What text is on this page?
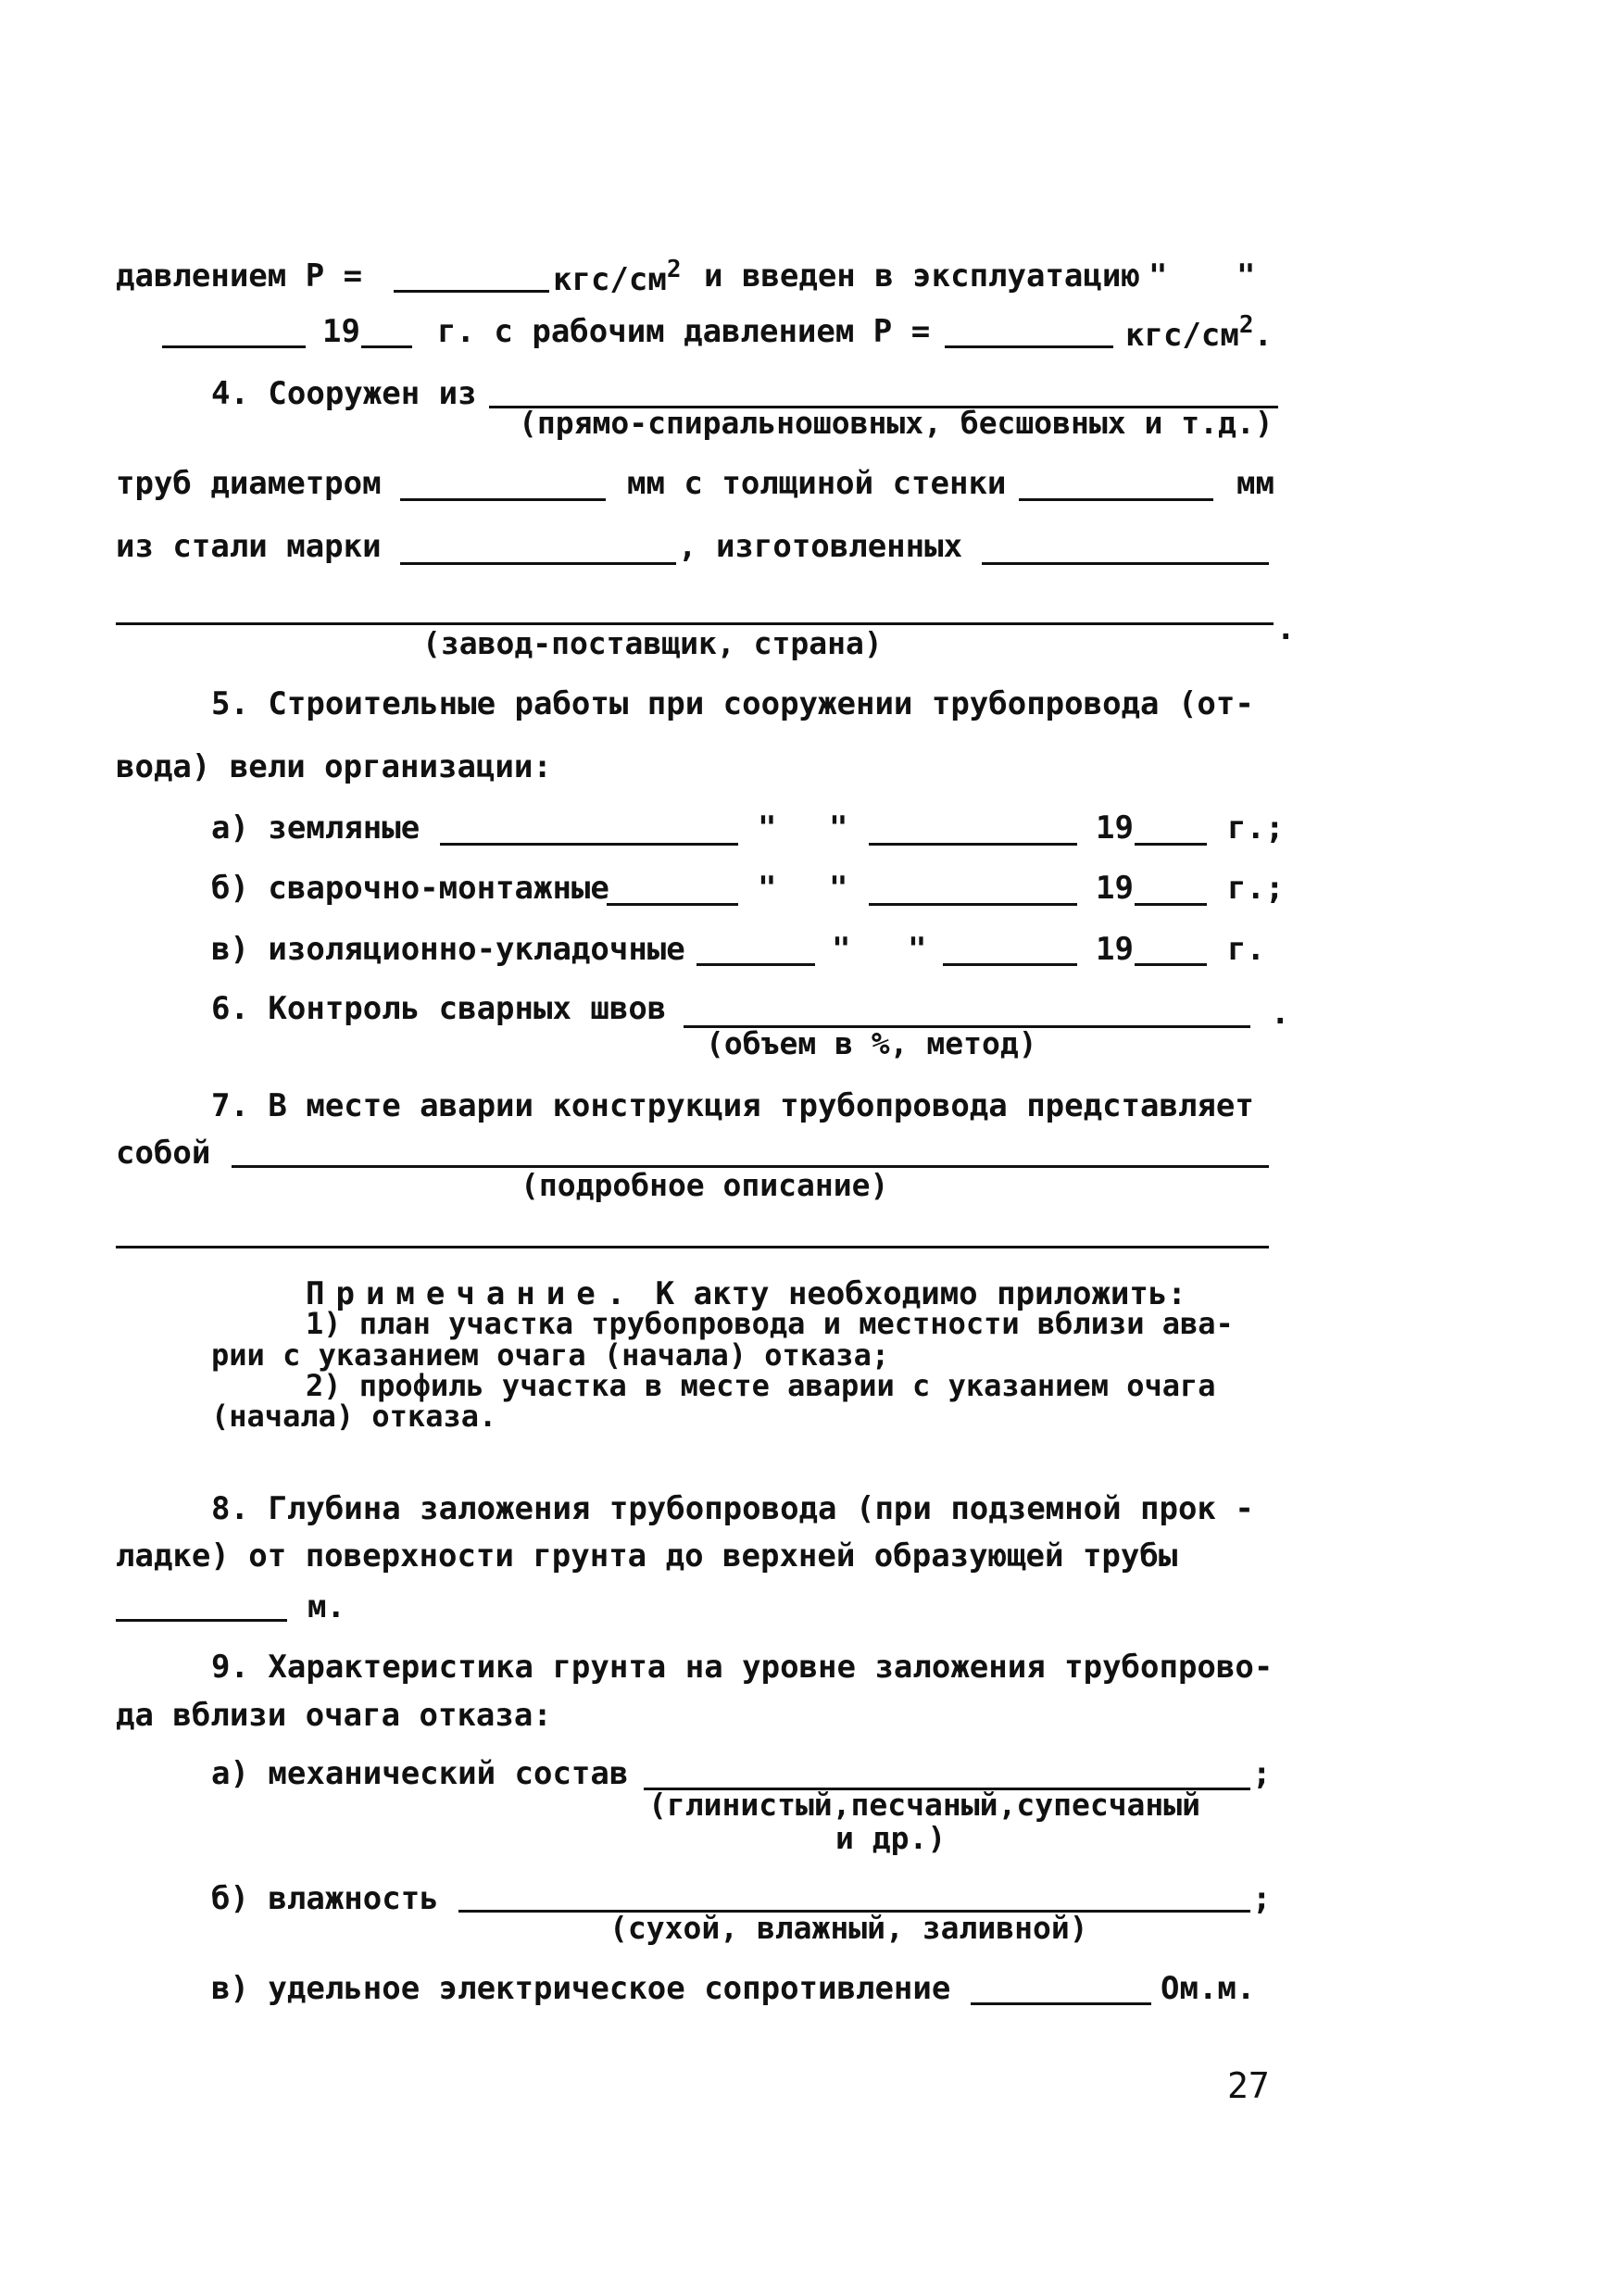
давлением Р =	кгс/$см^2$ и введен в эксплуатацию " "
19 г. с рабочим давлением Р =	кгс/$см^2$.
4. Сооружен из
(прямо-спиральношовных, бесшовных и т.д.)
труб диаметром	мм с толщиной стенки	мм
из стали марки	, изготовленных
.
(завод-поставщик, страна)
5. Строительные работы при сооружении трубопровода (от-
вода) вели организации:
а) земляные	" "	19	г.;
б) сварочно-монтажные	" "	19	г.;
в) изоляционно-укладочные	" "	19	г.
6. Контроль сварных швов	.
(объем в %, метод)
7. В месте аварии конструкция трубопровода представляет
собой
(подробное описание)
Примечание. К акту необходимо приложить:
1) план участка трубопровода и местности вблизи ава-
рии с указанием очага (начала) отказа;
2) профиль участка в месте аварии с указанием очага
(начала) отказа.
8. Глубина заложения трубопровода (при подземной прок -
ладке) от поверхности грунта до верхней образующей трубы
м.
9. Характеристика грунта на уровне заложения трубопрово-
да вблизи очага отказа:
а) механический состав	;
(глинистый,песчаный,супесчаный
и др.)
б) влажность	;
(сухой, влажный, заливной)
в) удельное электрическое сопротивление	Ом.м.
27
